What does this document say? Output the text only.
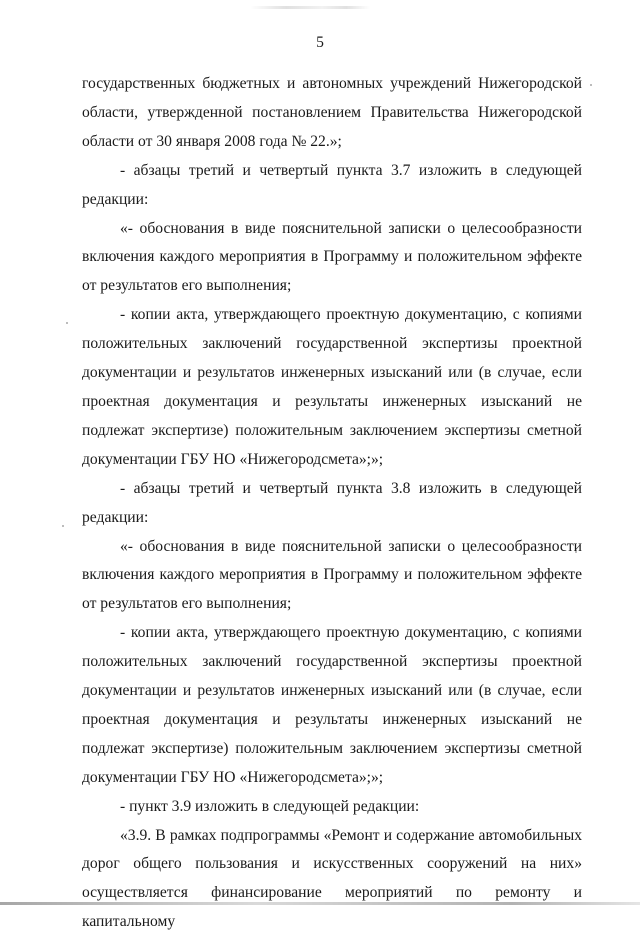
5

государственных бюджетных и автономных учреждений Нижегородской области, утвержденной постановлением Правительства Нижегородской области от 30 января 2008 года № 22.»;

- абзацы третий и четвертый пункта 3.7 изложить в следующей редакции:

«- обоснования в виде пояснительной записки о целесообразности включения каждого мероприятия в Программу и положительном эффекте от результатов его выполнения;

- копии акта, утверждающего проектную документацию, с копиями положительных заключений государственной экспертизы проектной документации и результатов инженерных изысканий или (в случае, если проектная документация и результаты инженерных изысканий не подлежат экспертизе) положительным заключением экспертизы сметной документации ГБУ НО «Нижегородсмета»;»;

- абзацы третий и четвертый пункта 3.8 изложить в следующей редакции:

«- обоснования в виде пояснительной записки о целесообразности включения каждого мероприятия в Программу и положительном эффекте от результатов его выполнения;

- копии акта, утверждающего проектную документацию, с копиями положительных заключений государственной экспертизы проектной документации и результатов инженерных изысканий или (в случае, если проектная документация и результаты инженерных изысканий не подлежат экспертизе) положительным заключением экспертизы сметной документации ГБУ НО «Нижегородсмета»;»;

- пункт 3.9 изложить в следующей редакции:

«3.9. В рамках подпрограммы «Ремонт и содержание автомобильных дорог общего пользования и искусственных сооружений на них» осуществляется финансирование мероприятий по ремонту и капитальному
